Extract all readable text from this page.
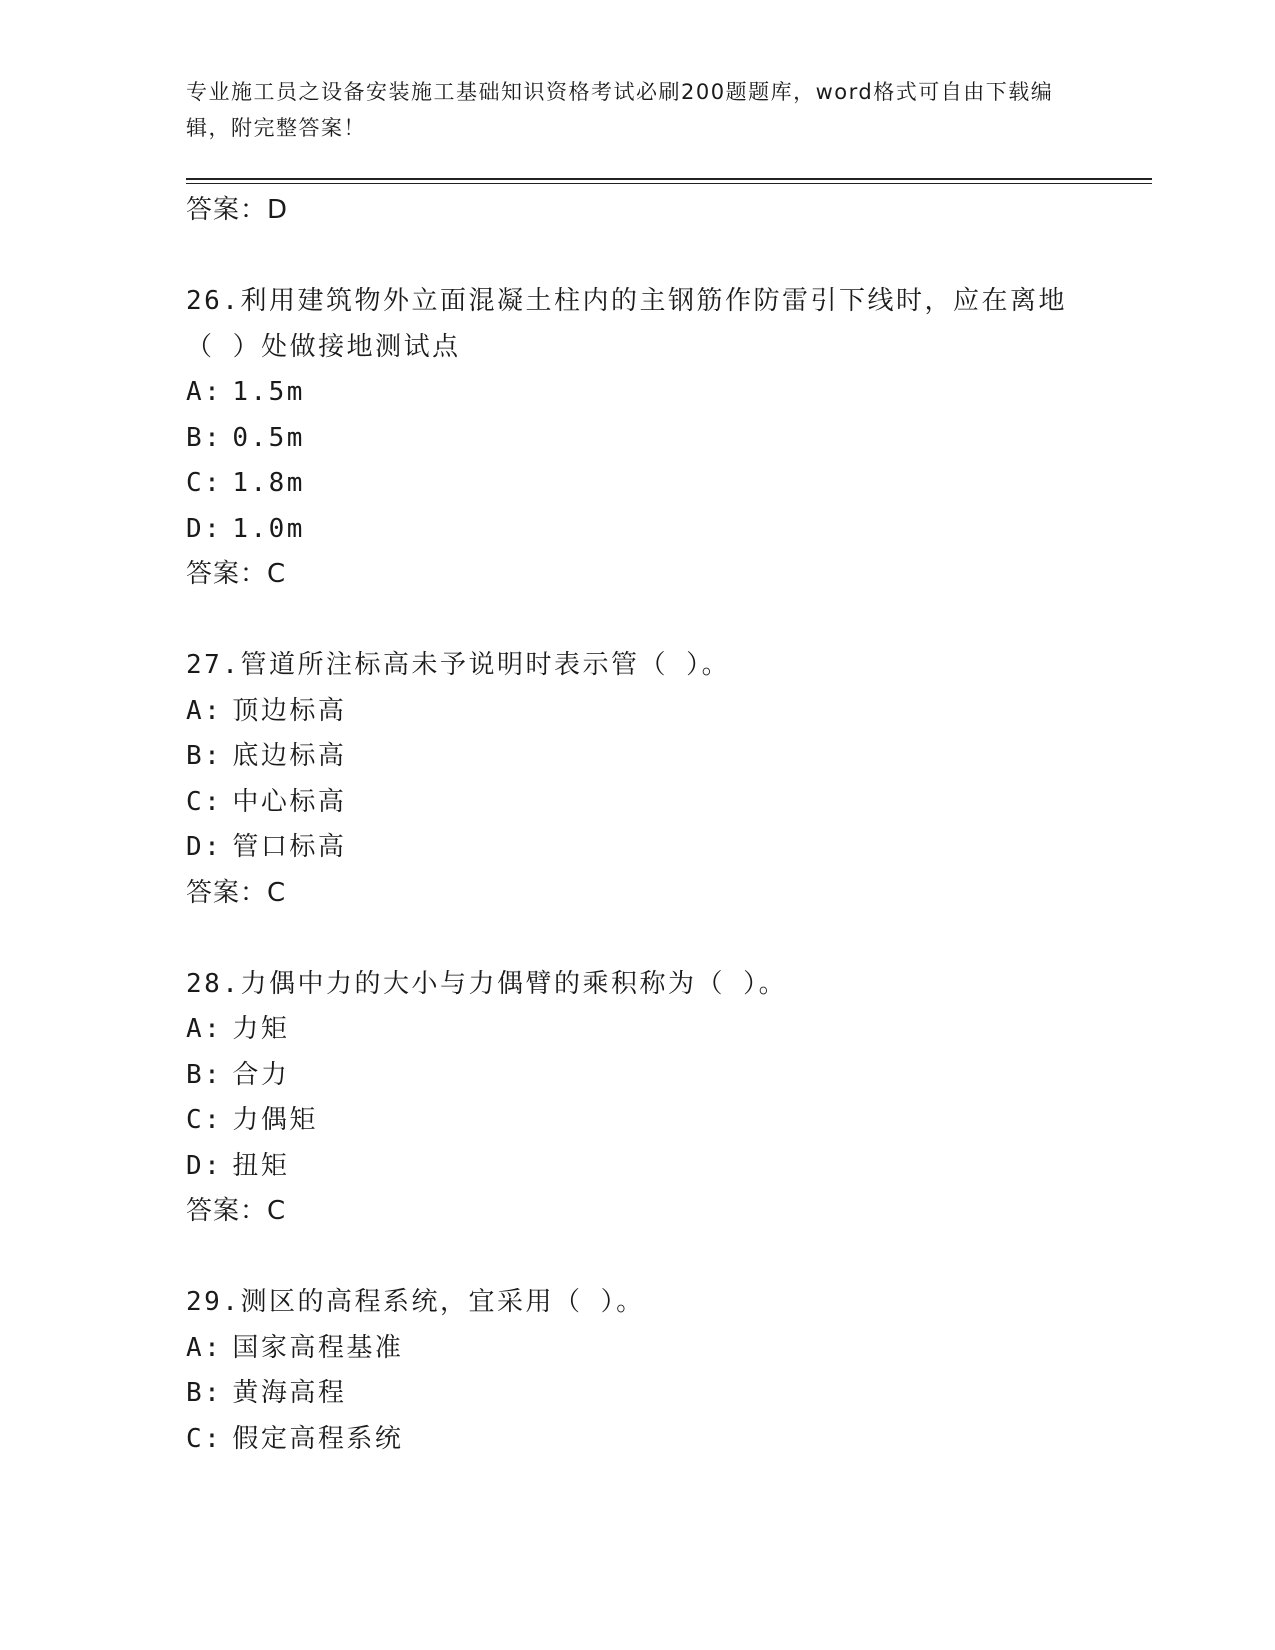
专业施工员之设备安装施工基础知识资格考试必刷200题题库，word格式可自由下载编辑，附完整答案！
答案：D
26.利用建筑物外立面混凝土柱内的主钢筋作防雷引下线时，应在离地
（ ）处做接地测试点
A: 1.5m
B: 0.5m
C: 1.8m
D: 1.0m
答案：C
27.管道所注标高未予说明时表示管（ ）。
A: 顶边标高
B: 底边标高
C: 中心标高
D: 管口标高
答案：C
28.力偶中力的大小与力偶臂的乘积称为（ ）。
A: 力矩
B: 合力
C: 力偶矩
D: 扭矩
答案：C
29.测区的高程系统，宜采用（ ）。
A: 国家高程基准
B: 黄海高程
C: 假定高程系统
